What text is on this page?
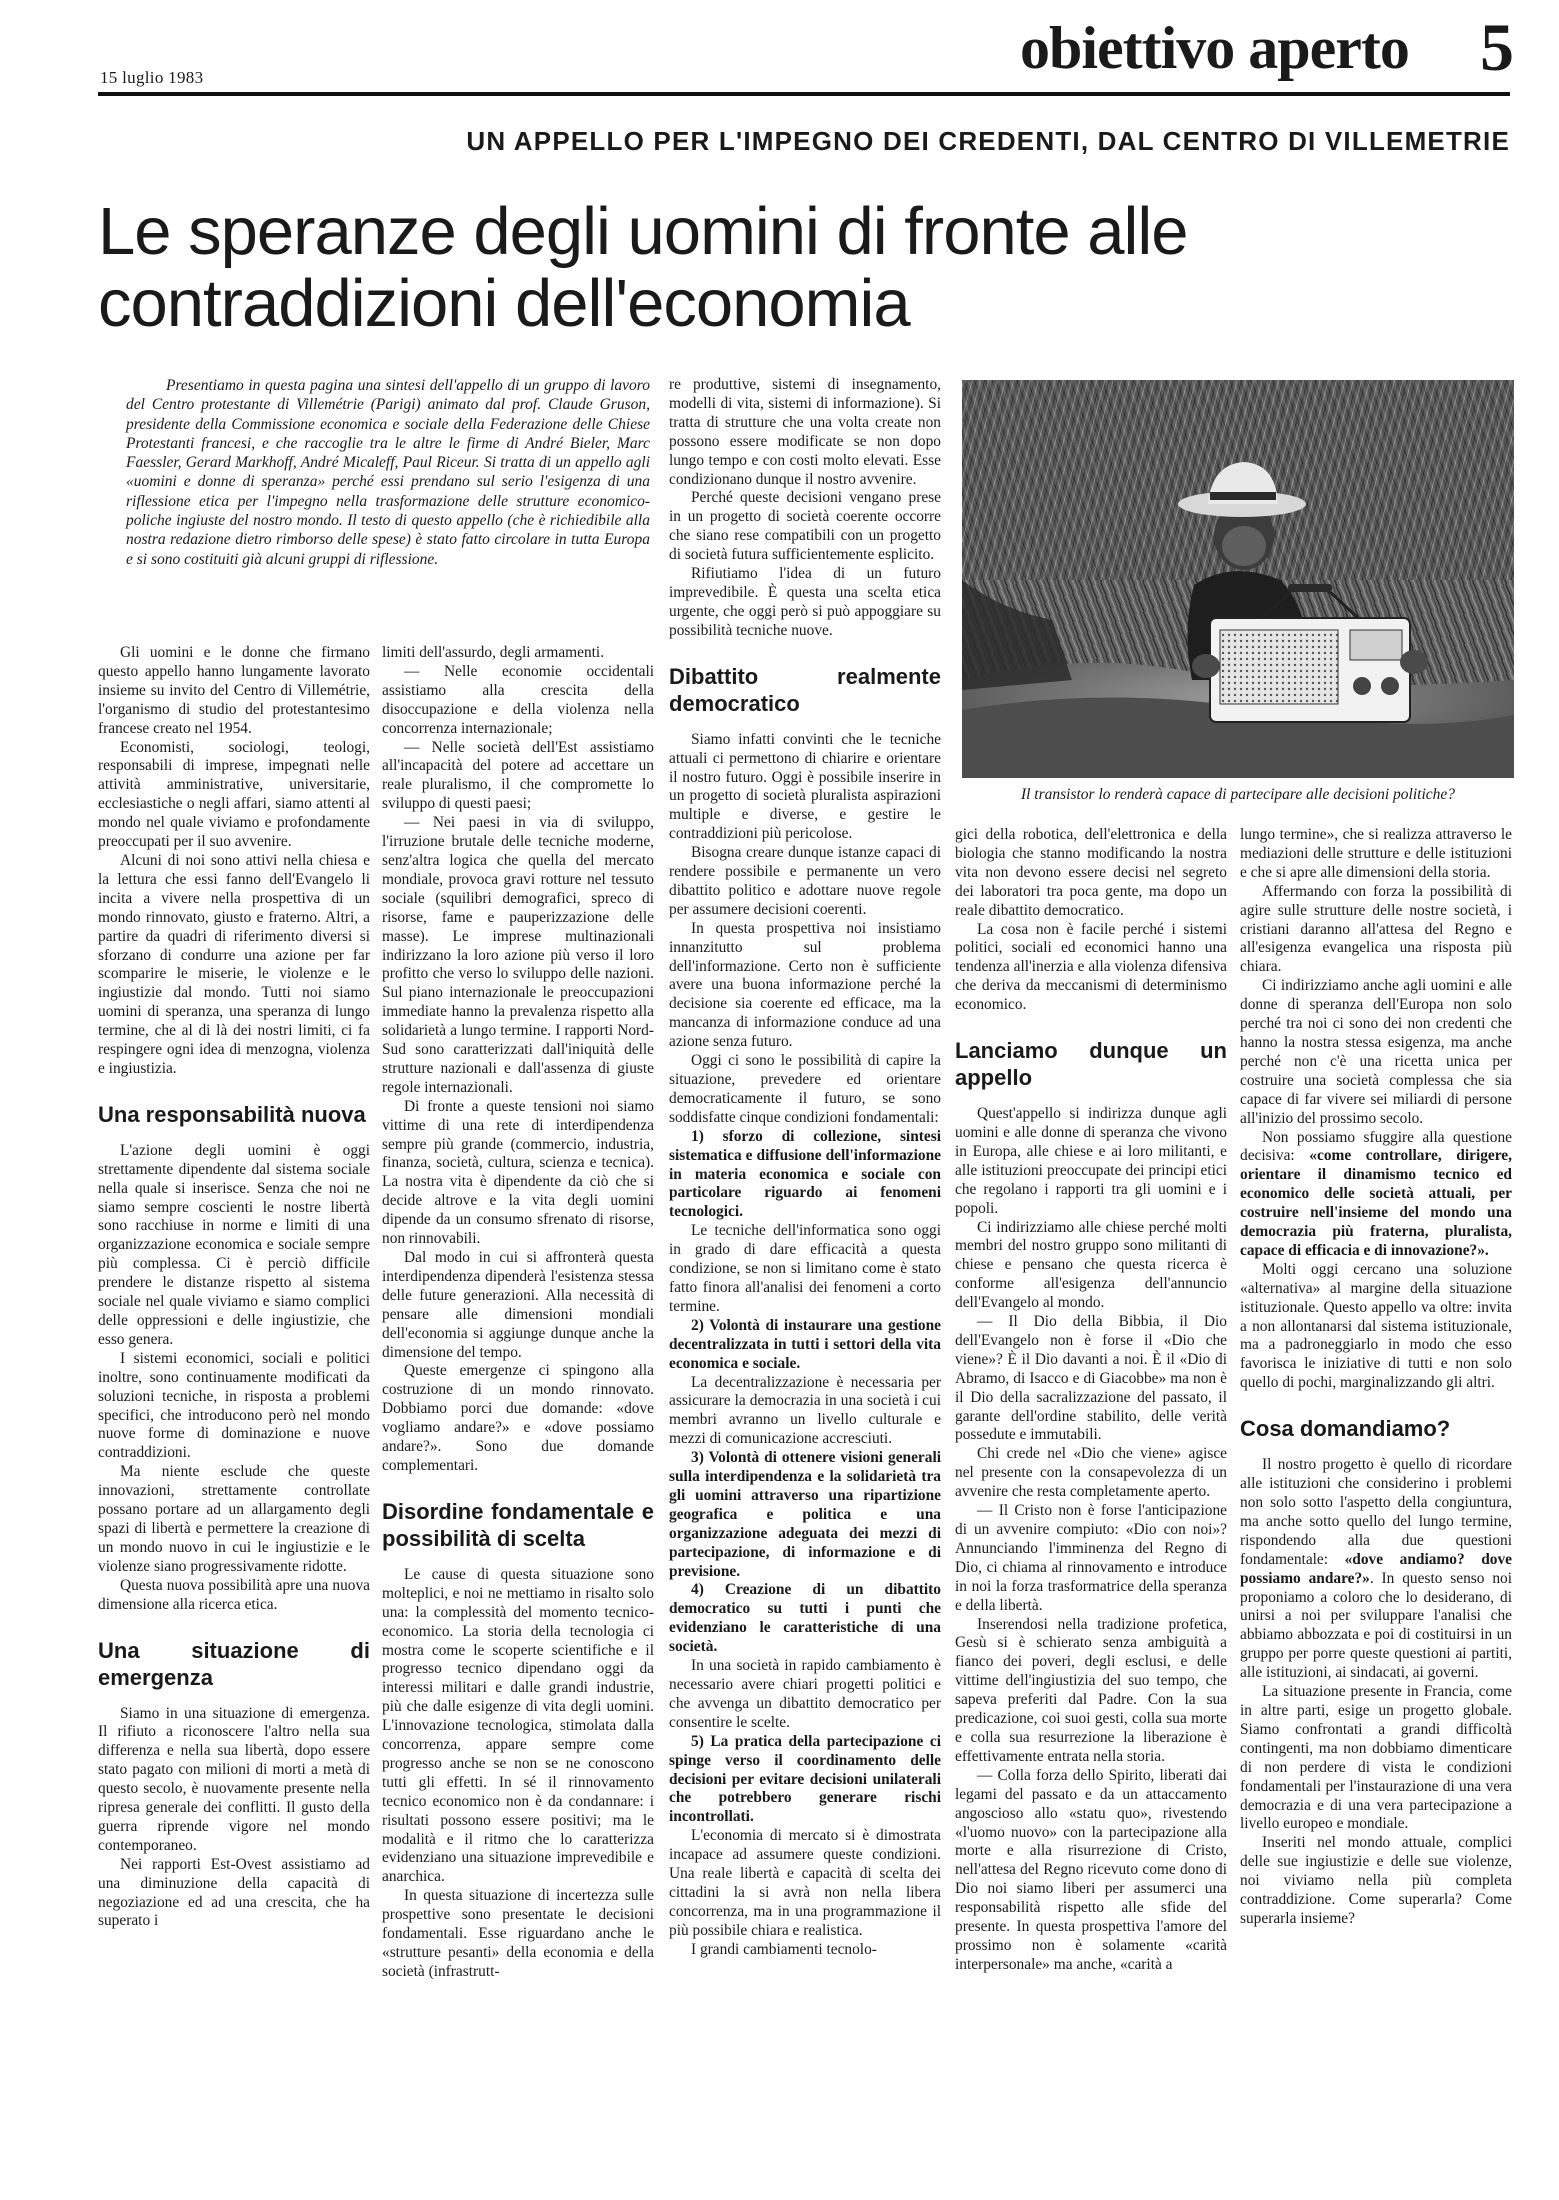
15 luglio 1983	obiettivo aperto 5
UN APPELLO PER L'IMPEGNO DEI CREDENTI, DAL CENTRO DI VILLEMETRIE
Le speranze degli uomini di fronte alle contraddizioni dell'economia

Presentiamo in questa pagina una sintesi dell'appello di un gruppo di lavoro del Centro protestante di Villemétrie (Parigi) animato dal prof. Claude Gruson, presidente della Commissione economica e sociale della Federazione delle Chiese Protestanti francesi, e che raccoglie tra le altre le firme di André Bieler, Marc Faessler, Gerard Markhoff, André Micaleff, Paul Riceur. Si tratta di un appello agli «uomini e donne di speranza» perché essi prendano sul serio l'esigenza di una riflessione etica per l'impegno nella trasformazione delle strutture economico-poliche ingiuste del nostro mondo. Il testo di questo appello (che è richiedibile alla nostra redazione dietro rimborso delle spese) è stato fatto circolare in tutta Europa e si sono costituiti già alcuni gruppi di riflessione.

Il transistor lo renderà capace di partecipare alle decisioni politiche?

Gli uomini e le donne che firmano questo appello hanno lungamente lavorato insieme su invito del Centro di Villemétrie, l'organismo di studio del protestantesimo francese creato nel 1954.

Economisti, sociologi, teologi, responsabili di imprese, impegnati nelle attività amministrative, universitarie, ecclesiastiche o negli affari, siamo attenti al mondo nel quale viviamo e profondamente preoccupati per il suo avvenire.

Alcuni di noi sono attivi nella chiesa e la lettura che essi fanno dell'Evangelo li incita a vivere nella prospettiva di un mondo rinnovato, giusto e fraterno. Altri, a partire da quadri di riferimento diversi si sforzano di condurre una azione per far scomparire le miserie, le violenze e le ingiustizie dal mondo. Tutti noi siamo uomini di speranza, una speranza di lungo termine, che al di là dei nostri limiti, ci fa respingere ogni idea di menzogna, violenza e ingiustizia.

Una responsabilità nuova

L'azione degli uomini è oggi strettamente dipendente dal sistema sociale nella quale si inserisce. Senza che noi ne siamo sempre coscienti le nostre libertà sono racchiuse in norme e limiti di una organizzazione economica e sociale sempre più complessa. Ci è perciò difficile prendere le distanze rispetto al sistema sociale nel quale viviamo e siamo complici delle oppressioni e delle ingiustizie, che esso genera.

I sistemi economici, sociali e politici inoltre, sono continuamente modificati da soluzioni tecniche, in risposta a problemi specifici, che introducono però nel mondo nuove forme di dominazione e nuove contraddizioni.

Ma niente esclude che queste innovazioni, strettamente controllate possano portare ad un allargamento degli spazi di libertà e permettere la creazione di un mondo nuovo in cui le ingiustizie e le violenze siano progressivamente ridotte.

Questa nuova possibilità apre una nuova dimensione alla ricerca etica.

Una situazione di emergenza

Siamo in una situazione di emergenza. Il rifiuto a riconoscere l'altro nella sua differenza e nella sua libertà, dopo essere stato pagato con milioni di morti a metà di questo secolo, è nuovamente presente nella ripresa generale dei conflitti. Il gusto della guerra riprende vigore nel mondo contemporaneo.

Nei rapporti Est-Ovest assistiamo ad una diminuzione della capacità di negoziazione ed ad una crescita, che ha superato i

limiti dell'assurdo, degli armamenti.

— Nelle economie occidentali assistiamo alla crescita della disoccupazione e della violenza nella concorrenza internazionale;

— Nelle società dell'Est assistiamo all'incapacità del potere ad accettare un reale pluralismo, il che compromette lo sviluppo di questi paesi;

— Nei paesi in via di sviluppo, l'irruzione brutale delle tecniche moderne, senz'altra logica che quella del mercato mondiale, provoca gravi rotture nel tessuto sociale (squilibri demografici, spreco di risorse, fame e pauperizzazione delle masse). Le imprese multinazionali indirizzano la loro azione più verso il loro profitto che verso lo sviluppo delle nazioni. Sul piano internazionale le preoccupazioni immediate hanno la prevalenza rispetto alla solidarietà a lungo termine. I rapporti Nord-Sud sono caratterizzati dall'iniquità delle strutture nazionali e dall'assenza di giuste regole internazionali.

Di fronte a queste tensioni noi siamo vittime di una rete di interdipendenza sempre più grande (commercio, industria, finanza, società, cultura, scienza e tecnica). La nostra vita è dipendente da ciò che si decide altrove e la vita degli uomini dipende da un consumo sfrenato di risorse, non rinnovabili.

Dal modo in cui si affronterà questa interdipendenza dipenderà l'esistenza stessa delle future generazioni. Alla necessità di pensare alle dimensioni mondiali dell'economia si aggiunge dunque anche la dimensione del tempo.

Queste emergenze ci spingono alla costruzione di un mondo rinnovato. Dobbiamo porci due domande: «dove vogliamo andare?» e «dove possiamo andare?». Sono due domande complementari.

Disordine fondamentale e possibilità di scelta

Le cause di questa situazione sono molteplici, e noi ne mettiamo in risalto solo una: la complessità del momento tecnico-economico. La storia della tecnologia ci mostra come le scoperte scientifiche e il progresso tecnico dipendano oggi da interessi militari e dalle grandi industrie, più che dalle esigenze di vita degli uomini. L'innovazione tecnologica, stimolata dalla concorrenza, appare sempre come progresso anche se non se ne conoscono tutti gli effetti. In sé il rinnovamento tecnico economico non è da condannare: i risultati possono essere positivi; ma le modalità e il ritmo che lo caratterizza evidenziano una situazione imprevedibile e anarchica.

In questa situazione di incertezza sulle prospettive sono presentate le decisioni fondamentali. Esse riguardano anche le «strutture pesanti» della economia e della società (infrastrutt-

re produttive, sistemi di insegnamento, modelli di vita, sistemi di informazione). Si tratta di strutture che una volta create non possono essere modificate se non dopo lungo tempo e con costi molto elevati. Esse condizionano dunque il nostro avvenire.

Perché queste decisioni vengano prese in un progetto di società coerente occorre che siano rese compatibili con un progetto di società futura sufficientemente esplicito.

Rifiutiamo l'idea di un futuro imprevedibile. È questa una scelta etica urgente, che oggi però si può appoggiare su possibilità tecniche nuove.

Dibattito realmente democratico

Siamo infatti convinti che le tecniche attuali ci permettono di chiarire e orientare il nostro futuro. Oggi è possibile inserire in un progetto di società pluralista aspirazioni multiple e diverse, e gestire le contraddizioni più pericolose.

Bisogna creare dunque istanze capaci di rendere possibile e permanente un vero dibattito politico e adottare nuove regole per assumere decisioni coerenti.

In questa prospettiva noi insistiamo innanzitutto sul problema dell'informazione. Certo non è sufficiente avere una buona informazione perché la decisione sia coerente ed efficace, ma la mancanza di informazione conduce ad una azione senza futuro.

Oggi ci sono le possibilità di capire la situazione, prevedere ed orientare democraticamente il futuro, se sono soddisfatte cinque condizioni fondamentali:

1) sforzo di collezione, sintesi sistematica e diffusione dell'informazione in materia economica e sociale con particolare riguardo ai fenomeni tecnologici.

Le tecniche dell'informatica sono oggi in grado di dare efficacità a questa condizione, se non si limitano come è stato fatto finora all'analisi dei fenomeni a corto termine.

2) Volontà di instaurare una gestione decentralizzata in tutti i settori della vita economica e sociale.

La decentralizzazione è necessaria per assicurare la democrazia in una società i cui membri avranno un livello culturale e mezzi di comunicazione accresciuti.

3) Volontà di ottenere visioni generali sulla interdipendenza e la solidarietà tra gli uomini attraverso una ripartizione geografica e politica e una organizzazione adeguata dei mezzi di partecipazione, di informazione e di previsione.

4) Creazione di un dibattito democratico su tutti i punti che evidenziano le caratteristiche di una società.

In una società in rapido cambiamento è necessario avere chiari progetti politici e che avvenga un dibattito democratico per consentire le scelte.

5) La pratica della partecipazione ci spinge verso il coordinamento delle decisioni per evitare decisioni unilaterali che potrebbero generare rischi incontrollati.

L'economia di mercato si è dimostrata incapace ad assumere queste condizioni. Una reale libertà e capacità di scelta dei cittadini la si avrà non nella libera concorrenza, ma in una programmazione il più possibile chiara e realistica.

I grandi cambiamenti tecnolo-

gici della robotica, dell'elettronica e della biologia che stanno modificando la nostra vita non devono essere decisi nel segreto dei laboratori tra poca gente, ma dopo un reale dibattito democratico.

La cosa non è facile perché i sistemi politici, sociali ed economici hanno una tendenza all'inerzia e alla violenza difensiva che deriva da meccanismi di determinismo economico.

Lanciamo dunque un appello

Quest'appello si indirizza dunque agli uomini e alle donne di speranza che vivono in Europa, alle chiese e ai loro militanti, e alle istituzioni preoccupate dei principi etici che regolano i rapporti tra gli uomini e i popoli.

Ci indirizziamo alle chiese perché molti membri del nostro gruppo sono militanti di chiese e pensano che questa ricerca è conforme all'esigenza dell'annuncio dell'Evangelo al mondo.

— Il Dio della Bibbia, il Dio dell'Evangelo non è forse il «Dio che viene»? È il Dio davanti a noi. È il «Dio di Abramo, di Isacco e di Giacobbe» ma non è il Dio della sacralizzazione del passato, il garante dell'ordine stabilito, delle verità possedute e immutabili.

Chi crede nel «Dio che viene» agisce nel presente con la consapevolezza di un avvenire che resta completamente aperto.

— Il Cristo non è forse l'anticipazione di un avvenire compiuto: «Dio con noi»? Annunciando l'imminenza del Regno di Dio, ci chiama al rinnovamento e introduce in noi la forza trasformatrice della speranza e della libertà.

Inserendosi nella tradizione profetica, Gesù si è schierato senza ambiguità a fianco dei poveri, degli esclusi, e delle vittime dell'ingiustizia del suo tempo, che sapeva preferiti dal Padre. Con la sua predicazione, coi suoi gesti, colla sua morte e colla sua resurrezione la liberazione è effettivamente entrata nella storia.

— Colla forza dello Spirito, liberati dai legami del passato e da un attaccamento angoscioso allo «statu quo», rivestendo «l'uomo nuovo» con la partecipazione alla morte e alla risurrezione di Cristo, nell'attesa del Regno ricevuto come dono di Dio noi siamo liberi per assumerci una responsabilità rispetto alle sfide del presente. In questa prospettiva l'amore del prossimo non è solamente «carità interpersonale» ma anche, «carità a

lungo termine», che si realizza attraverso le mediazioni delle strutture e delle istituzioni e che si apre alle dimensioni della storia.

Affermando con forza la possibilità di agire sulle strutture delle nostre società, i cristiani daranno all'attesa del Regno e all'esigenza evangelica una risposta più chiara.

Ci indirizziamo anche agli uomini e alle donne di speranza dell'Europa non solo perché tra noi ci sono dei non credenti che hanno la nostra stessa esigenza, ma anche perché non c'è una ricetta unica per costruire una società complessa che sia capace di far vivere sei miliardi di persone all'inizio del prossimo secolo.

Non possiamo sfuggire alla questione decisiva: «come controllare, dirigere, orientare il dinamismo tecnico ed economico delle società attuali, per costruire nell'insieme del mondo una democrazia più fraterna, pluralista, capace di efficacia e di innovazione?».

Molti oggi cercano una soluzione «alternativa» al margine della situazione istituzionale. Questo appello va oltre: invita a non allontanarsi dal sistema istituzionale, ma a padroneggiarlo in modo che esso favorisca le iniziative di tutti e non solo quello di pochi, marginalizzando gli altri.

Cosa domandiamo?

Il nostro progetto è quello di ricordare alle istituzioni che considerino i problemi non solo sotto l'aspetto della congiuntura, ma anche sotto quello del lungo termine, rispondendo alla due questioni fondamentale: «dove andiamo? dove possiamo andare?». In questo senso noi proponiamo a coloro che lo desiderano, di unirsi a noi per sviluppare l'analisi che abbiamo abbozzata e poi di costituirsi in un gruppo per porre queste questioni ai partiti, alle istituzioni, ai sindacati, ai governi.

La situazione presente in Francia, come in altre parti, esige un progetto globale. Siamo confrontati a grandi difficoltà contingenti, ma non dobbiamo dimenticare di non perdere di vista le condizioni fondamentali per l'instaurazione di una vera democrazia e di una vera partecipazione a livello europeo e mondiale.

Inseriti nel mondo attuale, complici delle sue ingiustizie e delle sue violenze, noi viviamo nella più completa contraddizione. Come superarla? Come superarla insieme?
